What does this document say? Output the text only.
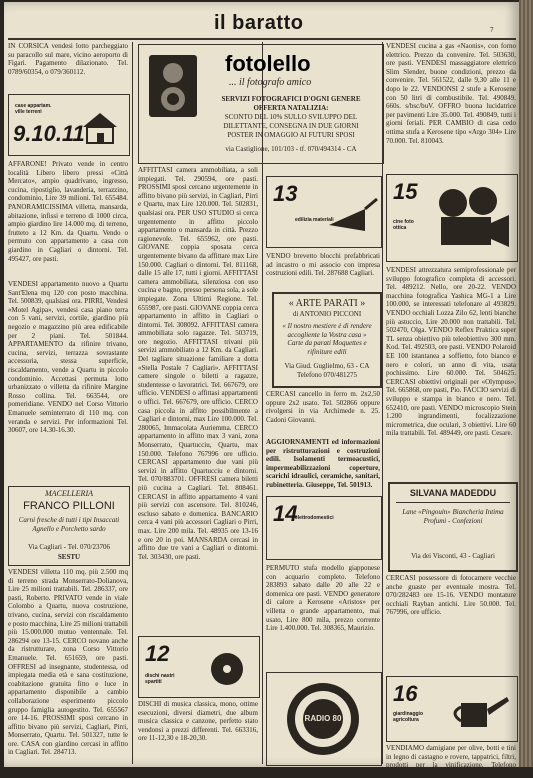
il baratto	7
IN CORSICA vendesi lotto parcheggiato su paracollo sul mare, vicino aeroporto di Figari. Pagamento dilazionato. Tel. 0789/60354, o 079/360112.
9.10.11
case appartam. ville terreni
AFFARONE! Privato vende in centro località Libero libero pressi «Città Mercato», ampio quadrivano, ingresso, cucina, ripostiglio, lavanderia, terrazzino, condominio, Lire 39 milioni. Tel. 655484. PANORAMICISSIMA villetta, mansarda, abitazione, infissi e terreno di 1000 circa, ampio giardino lire 14.000 mq. di terreno, frutteto a 12 Km. da Quartu. Vendo o permuto con appartamento a casa con giardino in Cagliari o dintorni. Tel. 495427, ore pasti.
VENDESI appartamento nuovo a Quartu Sant'Elena mq 120 con posto macchina. Tel. 500839, qualsiasi ora. PIRRI, Vendesi «Motel Agipa», vendesi casa piano terra con 5 vani, servizi, cortile, giardino più negozio e magazzino più area edificabile per 2 piani. Tel. 501844. APPARTAMENTO da rifinire trivano, cucina, servizi, terrazza sovrastante accessoria, stessa superficie, riscaldamento, vende a Quartu in piccolo condominio. Accettasi permuta lotto urbanizzato o villetta da rifinire Margine Rosso collina. Tel. 663544, ore pomeridiane. VENDO nel Corso Vittorio Emanuele seminterrato di 110 mq. con veranda e servizi. Per informazioni Tel. 30607, ore 14.30-16.30.
MACELLERIA
FRANCO PILLONI
Carni fresche di tutti i tipi Insaccati Agnello e Porchetto sardo
Via Cagliari - Tel. 070/23706
SESTU
VENDESI villetta 110 mq. più 2.500 mq di terreno strada Monserrato-Dolianova, Lire 25 milioni trattabili. Tel. 286337, ore pasti, Roberto. PRIVATO vende in viale Colombo a Quartu, nuova costruzione, trivano, cucina, servizi con riscaldamento e posto macchina, Lire 25 milioni trattabili più 15.000.000 mutuo ventennale. Tel. 286294 ore 13-15. CERCO novano anche da ristrutturare, zona Corso Vittorio Emanuele. Tel. 651659, ore pasti. OFFRESI ad insegnante, studentessa, od impiegata media età e sana costituzione, coabitazione gratuita fitto e luce in appartamento disponibile a cambio collaborazione esperimento piccolo gruppo famiglia autogestito. Tel. 655567 ore 14-16. PROSSIMI sposi cercano in affitto bivano più servizi, Cagliari, Pirri, Monserrato, Quartu. Tel. 501327, tutte le ore. CASA con giardino cercasi in affitto in Cagliari. Tel. 284713.
fotolello
... il fotografo amico
SERVIZI FOTOGRAFICI D'OGNI GENERE
OFFERTA NATALIZIA:
SCONTO DEL 10% SULLO SVILUPPO DEL DILETTANTE, CONSEGNA IN DUE GIORNI
POSTER IN OMAGGIO AI FUTURI SPOSI
via Castiglione, 101/103 - tf. 070/494314 - CA
AFFITTASI camera ammobiliata, a soli impiegati. Tel. 290594, ore pasti. PROSSIMI sposi cercano urgentemente in affitto bivano più servizi, in Cagliari, Pirri e Quartu, max Lire 120.000. Tel. 502831, qualsiasi ora. PER USO STUDIO si cerca urgentemente in affitto piccolo appartamento o mansarda in città. Prezzo ragionevole. Tel. 655962, ore pasti. GIOVANE coppia sposata cerca urgentemente bivano da affittare max Lire 150.000. Cagliari o dintorni. Tel. 811168, dalle 15 alle 17, tutti i giorni. AFFITTASI camera ammobiliata, silenziosa con uso cucina e bagno, presso persona sola, a sole impiegate. Zona Ultimi Regione. Tel. 655987, ore pasti. GIOVANE coppia cerca appartamento in affitto in Cagliari o dintorni. Tel. 308092. AFFITTASI camera ammobiliata solo ragazze. Tel. 503719, ore negozio. AFFITTASI trivani più servizi ammobiliato a 12 Km. da Cagliari. Del tagliare situazione familiare a dotta «Stella Postale 7 Cagliari». AFFITTASI camere singole o biletti a ragazze, studentesse o lavoratrici. Tel. 667679, ore ufficio. VENDESI o affittasi appartamenti o uffici. Tel. 667679, ore ufficio. CERCO casa piccola in affitto possibilmente a Cagliari e dintorni, max Lire 100.000. Tel. 280065, Immacolata Auriemma. CERCO appartamento in affitto max 3 vani, zona Monserrato, Quartucciu, Quartu, max 150.000. Telefono 767996 ore ufficio. CERCASI appartamento due vani più servizi in affitto Quartucciu e dintorni. Tel. 070/883701. OFFRESI camera biletti più cucina a Cagliari. Tel. 808461. CERCASI in affitto appartamento 4 vani più servizi con ascensore. Tel. 810246, escluso sabato e domenica. BANCARIO cerca 4 vani più accessori Cagliari o Pirri, max. Lire 200 mila. Tel. 48935 ore 13-16 e ore 20 in poi. MANSARDA cercasi in affitto due tre vani a Cagliari o dintorni. Tel. 303430, ore pasti.
12
dischi nastri spartiti
DISCHI di musica classica, mono, ottime esecuzioni, diversi diametri, due album musica classica e canzone, perfetto stato vendonsi a prezzi differenti. Tel. 663316, ore 11-12,30 e 18-20,30.
13
edilizia materiali
VENDO brevetto blocchi prefabbricati ad incastro o mi associo con impresa costruzioni edili. Tel. 287688 Cagliari.
« ARTE PARATI »
di ANTONIO PICCONI
« Il nostro mestiere è di rendere accogliente la Vostra casa » Carte da parati Moquettes e rifiniture edili
Via Giud. Guglielmo, 63 - CA Telefono 070/481275
CERCASI cancello in ferro m. 2x2,50 oppure 2x2 usato. Tel. 502866 oppure rivolgersi in via Archimede n. 25. Cadoni Giovanni.
AGGIORNAMENTI ed informazioni per ristrutturazioni e costruzioni edili. Isolamenti termoacustici, impermeabilizzazioni coperture, scarichi idraulici, ceramiche, sanitari, rubinetteria. Giuseppe, Tel. 501913.
14
elettrodomestici
PERMUTO stufa modello giapponese con acquario completo. Telefono 283893 sabato dalle 20 alle 22 e domenica ore pasti. VENDO generatore di calore a Kerosene «Aristos» per villetta o grande appartamento, mai usato, Lire 800 mila, prezzo corrente Lire 1.400.000. Tel. 308365, Maurizio.
RADIO 80
VENDESI cucina a gas «Naonis», con forno elettrico. Prezzo da convenire. Tel. 503630, ore pasti. VENDESI massaggiatore elettrico Slim Slender, buone condizioni, prezzo da convenire. Tel. 561522, dalle 9,30 alle 11 e dopo le 22. VENDONSI 2 stufe a Kerosene con 50 litri di combustibile. Tel. 490849. 660s. s/bsc/buV. OFFRO buona lucidatrice per pavimenti Lire 35.000. Tel. 490849, tutti i giorni feriali. PER CAMBIO di casa cedo ottima stufa a Kerosene tipo «Argo 304» Lire 70.000. Tel. 810043.
15
cine foto ottica
VENDESI attrezzatura semiprofessionale per sviluppo fotografico completa di accessori. Tel. 489212. Nello, ore 20-22. VENDO macchina fotografica Yashica MG-1 a Lire 100.000, se interessati telefonare al 493829. VENDO occhiali Lozza Zilo 62, lenti bianche più astuccio, Lire 20.000 non trattabili. Tel. 502470, Olga. VENDO Reflex Praktica super TL senza obiettivo più teleobiettivo 300 mm. Kod. Tel. 492503, ore pasti. VENDO Polaroid EE 100 istantanea a soffietto, foto bianco e nero e colori, un anno di vita, usata pochissimo. Lire 60.000. Tel. 504625. CERCASI obiettivi originali per «Olympus». Tel. 665868, ore pasti, Pio. FACCIO servizi di sviluppo e stampa in bianco e nero. Tel. 652410, ore pasti. VENDO microscopio Stein 1.200 ingrandimenti, focalizzazione micrometrica, due oculari, 3 obiettivi. Lire 60 mila trattabili. Tel. 489449, ore pasti. Cesare.
SILVANA MADEDDU
Lane «Pingouin» Biancheria Intima Profumi - Confezioni
Via dei Visconti, 43 - Cagliari
CERCASI possessore di fotocamere vecchie anche guaste per eventuale mostra. Tel. 070/282483 ore 15-16. VENDO montature occhiali Rayban antichi. Lire 50.000. Tel. 767996, ore ufficio.
16
giardinaggio agricoltura
VENDIAMO damigiane per olive, botti e tini in legno di castagno e rovere, tappatrici, filtri, prodotti per la vinificazione. Telefono 560286.
